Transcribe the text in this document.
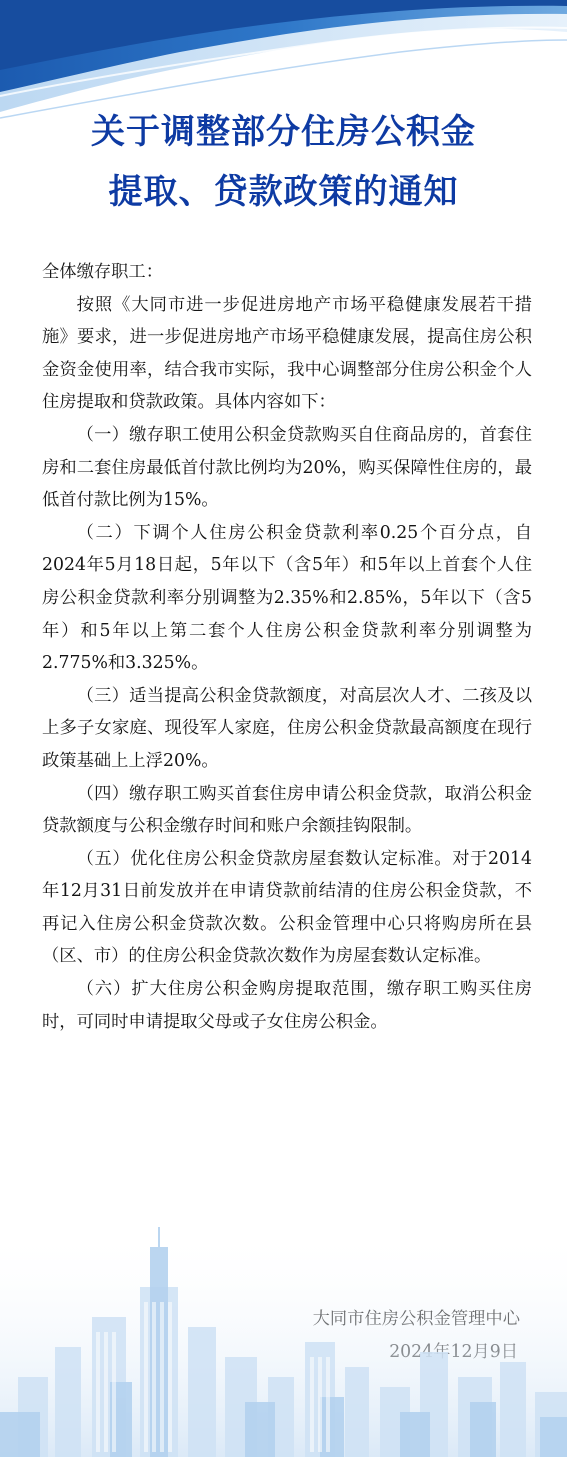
关于调整部分住房公积金
提取、贷款政策的通知

全体缴存职工：

按照《大同市进一步促进房地产市场平稳健康发展若干措施》要求，进一步促进房地产市场平稳健康发展，提高住房公积金资金使用率，结合我市实际，我中心调整部分住房公积金个人住房提取和贷款政策。具体内容如下：

（一）缴存职工使用公积金贷款购买自住商品房的，首套住房和二套住房最低首付款比例均为20%，购买保障性住房的，最低首付款比例为15%。

（二）下调个人住房公积金贷款利率0.25个百分点，自2024年5月18日起，5年以下（含5年）和5年以上首套个人住房公积金贷款利率分别调整为2.35%和2.85%，5年以下（含5年）和5年以上第二套个人住房公积金贷款利率分别调整为2.775%和3.325%。

（三）适当提高公积金贷款额度，对高层次人才、二孩及以上多子女家庭、现役军人家庭，住房公积金贷款最高额度在现行政策基础上上浮20%。

（四）缴存职工购买首套住房申请公积金贷款，取消公积金贷款额度与公积金缴存时间和账户余额挂钩限制。

（五）优化住房公积金贷款房屋套数认定标准。对于2014年12月31日前发放并在申请贷款前结清的住房公积金贷款，不再记入住房公积金贷款次数。公积金管理中心只将购房所在县（区、市）的住房公积金贷款次数作为房屋套数认定标准。

（六）扩大住房公积金购房提取范围，缴存职工购买住房时，可同时申请提取父母或子女住房公积金。
